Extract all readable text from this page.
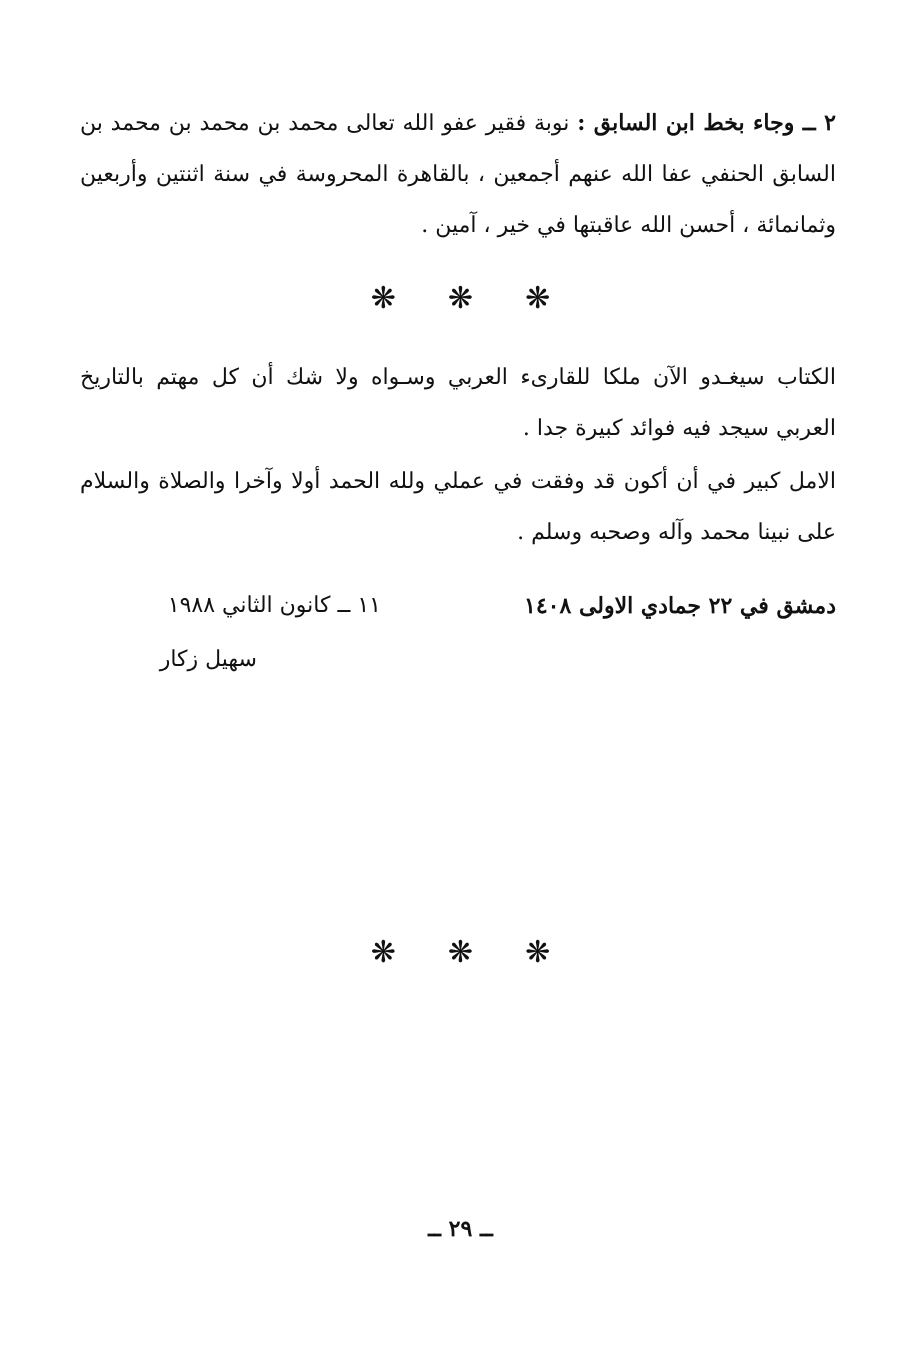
٢ ــ وجاء بخط ابن السابق : نوبة فقير عفو الله تعالى محمد بن محمد بن محمد بن السابق الحنفي عفا الله عنهم أجمعين ، بالقاهرة المحروسة في سنة اثنتين وأربعين وثمانمائة ، أحسن الله عاقبتها في خير ، آمين .

❋ ❋ ❋

الكتاب سيغـدو الآن ملكا للقارىء العربي وسـواه ولا شك أن كل مهتم بالتاريخ العربي سيجد فيه فوائد كبيرة جدا .

الامل كبير في أن أكون قد وفقت في عملي ولله الحمد أولا وآخرا والصلاة والسلام على نبينا محمد وآله وصحبه وسلم .

دمشق في ٢٢ جمادي الاولى ١٤٠٨
١١ ــ كانون الثاني ١٩٨٨
سهيل زكار
❋ ❋ ❋
ــ ٢٩ ــ
